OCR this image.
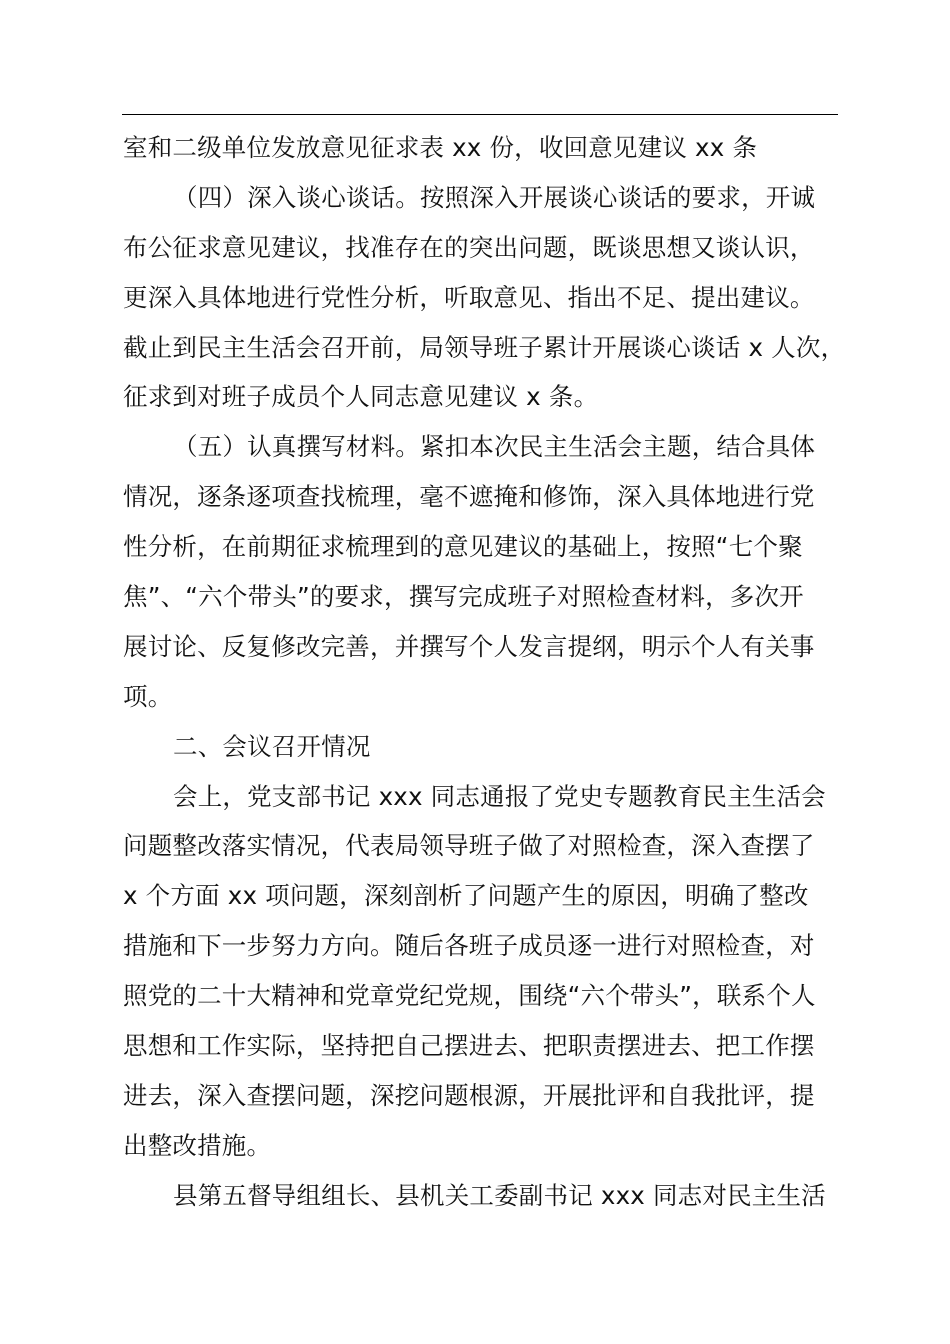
室和二级单位发放意见征求表 xx 份，收回意见建议 xx 条
（四）深入谈心谈话。按照深入开展谈心谈话的要求，开诚
布公征求意见建议，找准存在的突出问题，既谈思想又谈认识，
更深入具体地进行党性分析，听取意见、指出不足、提出建议。
截止到民主生活会召开前，局领导班子累计开展谈心谈话 x 人次，
征求到对班子成员个人同志意见建议 x 条。
（五）认真撰写材料。紧扣本次民主生活会主题，结合具体
情况，逐条逐项查找梳理，毫不遮掩和修饰，深入具体地进行党
性分析，在前期征求梳理到的意见建议的基础上，按照“七个聚
焦”、“六个带头”的要求，撰写完成班子对照检查材料，多次开
展讨论、反复修改完善，并撰写个人发言提纲，明示个人有关事
项。
二、会议召开情况
会上，党支部书记 xxx 同志通报了党史专题教育民主生活会
问题整改落实情况，代表局领导班子做了对照检查，深入查摆了
x 个方面 xx 项问题，深刻剖析了问题产生的原因，明确了整改
措施和下一步努力方向。随后各班子成员逐一进行对照检查，对
照党的二十大精神和党章党纪党规，围绕“六个带头”，联系个人
思想和工作实际，坚持把自己摆进去、把职责摆进去、把工作摆
进去，深入查摆问题，深挖问题根源，开展批评和自我批评，提
出整改措施。
县第五督导组组长、县机关工委副书记 xxx 同志对民主生活
